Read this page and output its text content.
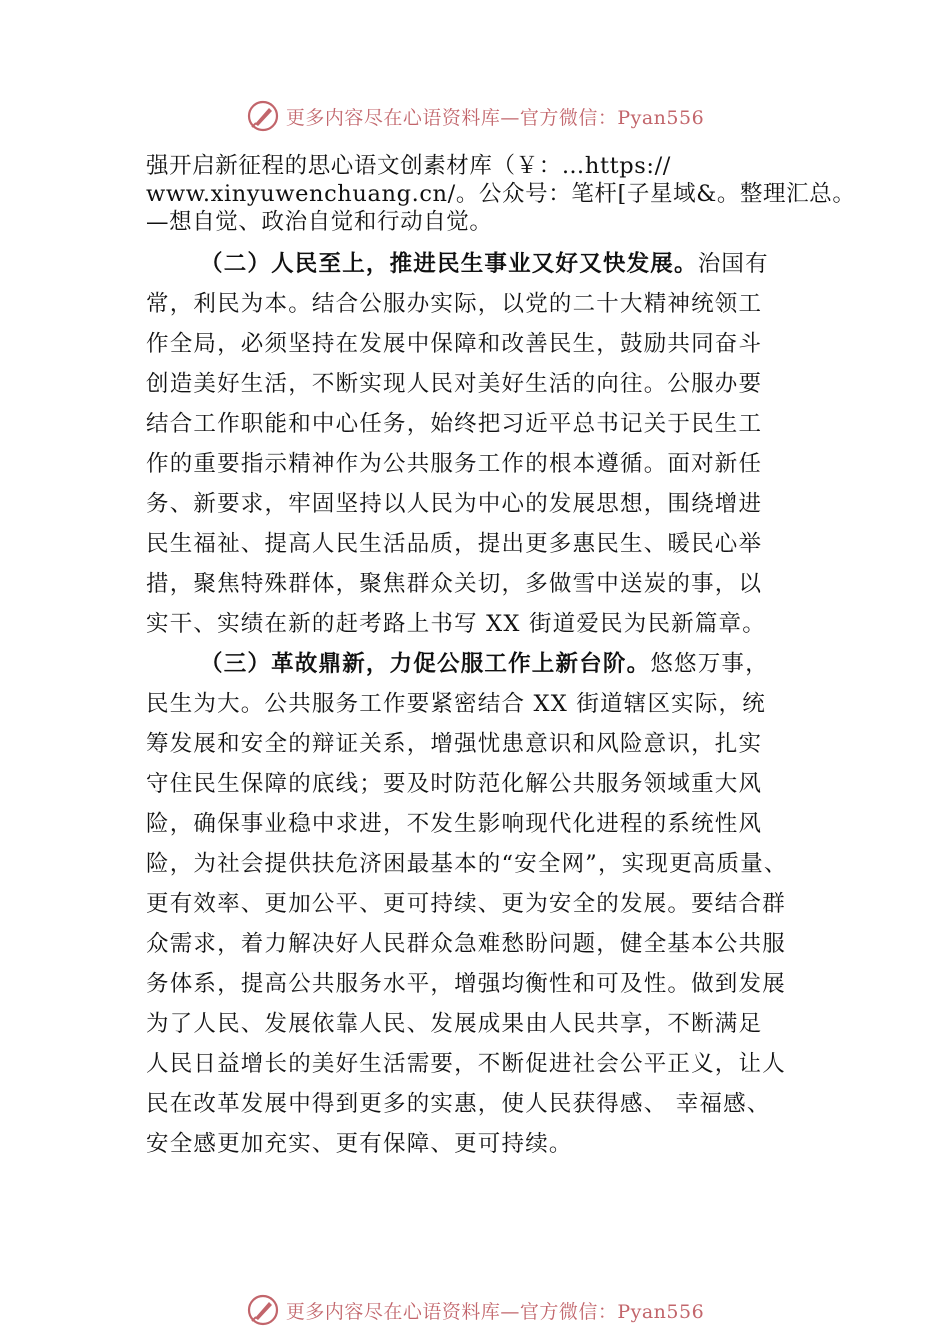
更多内容尽在心语资料库—官方微信：Pyan556
强开启新征程的思心语文创素材库（￥：…https://
www.xinyuwenchuang.cn/。公众号：笔杆[子星域&。整理汇总。
—想自觉、政治自觉和行动自觉。
（二）人民至上，推进民生事业又好又快发展。治国有
常，利民为本。结合公服办实际，以党的二十大精神统领工
作全局，必须坚持在发展中保障和改善民生，鼓励共同奋斗
创造美好生活，不断实现人民对美好生活的向往。公服办要
结合工作职能和中心任务，始终把习近平总书记关于民生工
作的重要指示精神作为公共服务工作的根本遵循。面对新任
务、新要求，牢固坚持以人民为中心的发展思想，围绕增进
民生福祉、提高人民生活品质，提出更多惠民生、暖民心举
措，聚焦特殊群体，聚焦群众关切，多做雪中送炭的事，以
实干、实绩在新的赶考路上书写 XX 街道爱民为民新篇章。
（三）革故鼎新，力促公服工作上新台阶。悠悠万事，
民生为大。公共服务工作要紧密结合 XX 街道辖区实际，统
筹发展和安全的辩证关系，增强忧患意识和风险意识，扎实
守住民生保障的底线；要及时防范化解公共服务领域重大风
险，确保事业稳中求进，不发生影响现代化进程的系统性风
险，为社会提供扶危济困最基本的“安全网”，实现更高质量、
更有效率、更加公平、更可持续、更为安全的发展。要结合群
众需求，着力解决好人民群众急难愁盼问题，健全基本公共服
务体系，提高公共服务水平，增强均衡性和可及性。做到发展
为了人民、发展依靠人民、发展成果由人民共享，不断满足
人民日益增长的美好生活需要，不断促进社会公平正义，让人
民在改革发展中得到更多的实惠，使人民获得感、 幸福感、
安全感更加充实、更有保障、更可持续。
更多内容尽在心语资料库—官方微信：Pyan556
